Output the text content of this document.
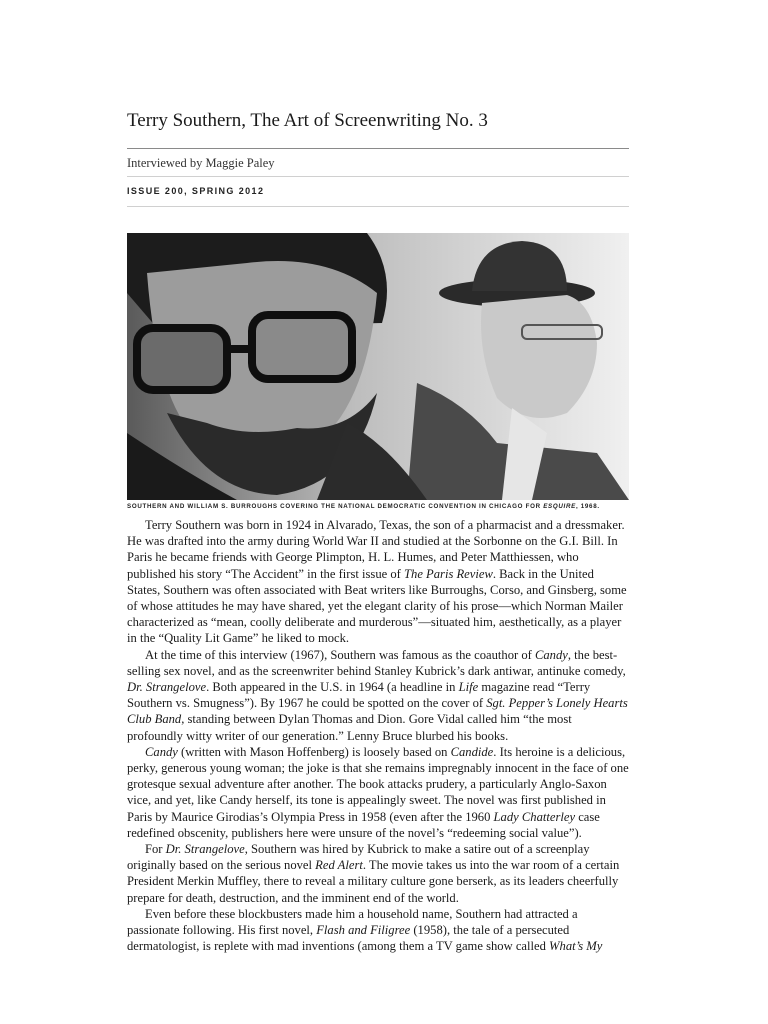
Terry Southern, The Art of Screenwriting No. 3
Interviewed by Maggie Paley
ISSUE 200, SPRING 2012
SOUTHERN AND WILLIAM S. BURROUGHS COVERING THE NATIONAL DEMOCRATIC CONVENTION IN CHICAGO FOR ESQUIRE, 1968.

Terry Southern was born in 1924 in Alvarado, Texas, the son of a pharmacist and a dressmaker. He was drafted into the army during World War II and studied at the Sorbonne on the G.I. Bill. In Paris he became friends with George Plimpton, H. L. Humes, and Peter Matthiessen, who published his story “The Accident” in the first issue of The Paris Review. Back in the United States, Southern was often associated with Beat writers like Burroughs, Corso, and Ginsberg, some of whose attitudes he may have shared, yet the elegant clarity of his prose—which Norman Mailer characterized as “mean, coolly deliberate and murderous”—situated him, aesthetically, as a player in the “Quality Lit Game” he liked to mock.

At the time of this interview (1967), Southern was famous as the coauthor of Candy, the best-selling sex novel, and as the screenwriter behind Stanley Kubrick’s dark antiwar, antinuke comedy, Dr. Strangelove. Both appeared in the U.S. in 1964 (a headline in Life magazine read “Terry Southern vs. Smugness”). By 1967 he could be spotted on the cover of Sgt. Pepper’s Lonely Hearts Club Band, standing between Dylan Thomas and Dion. Gore Vidal called him “the most profoundly witty writer of our generation.” Lenny Bruce blurbed his books.

Candy (written with Mason Hoffenberg) is loosely based on Candide. Its heroine is a delicious, perky, generous young woman; the joke is that she remains impregnably innocent in the face of one grotesque sexual adventure after another. The book attacks prudery, a particularly Anglo-Saxon vice, and yet, like Candy herself, its tone is appealingly sweet. The novel was first published in Paris by Maurice Girodias’s Olympia Press in 1958 (even after the 1960 Lady Chatterley case redefined obscenity, publishers here were unsure of the novel’s “redeeming social value”).

For Dr. Strangelove, Southern was hired by Kubrick to make a satire out of a screenplay originally based on the serious novel Red Alert. The movie takes us into the war room of a certain President Merkin Muffley, there to reveal a military culture gone berserk, as its leaders cheerfully prepare for death, destruction, and the imminent end of the world.

Even before these blockbusters made him a household name, Southern had attracted a passionate following. His first novel, Flash and Filigree (1958), the tale of a persecuted dermatologist, is replete with mad inventions (among them a TV game show called What’s My
